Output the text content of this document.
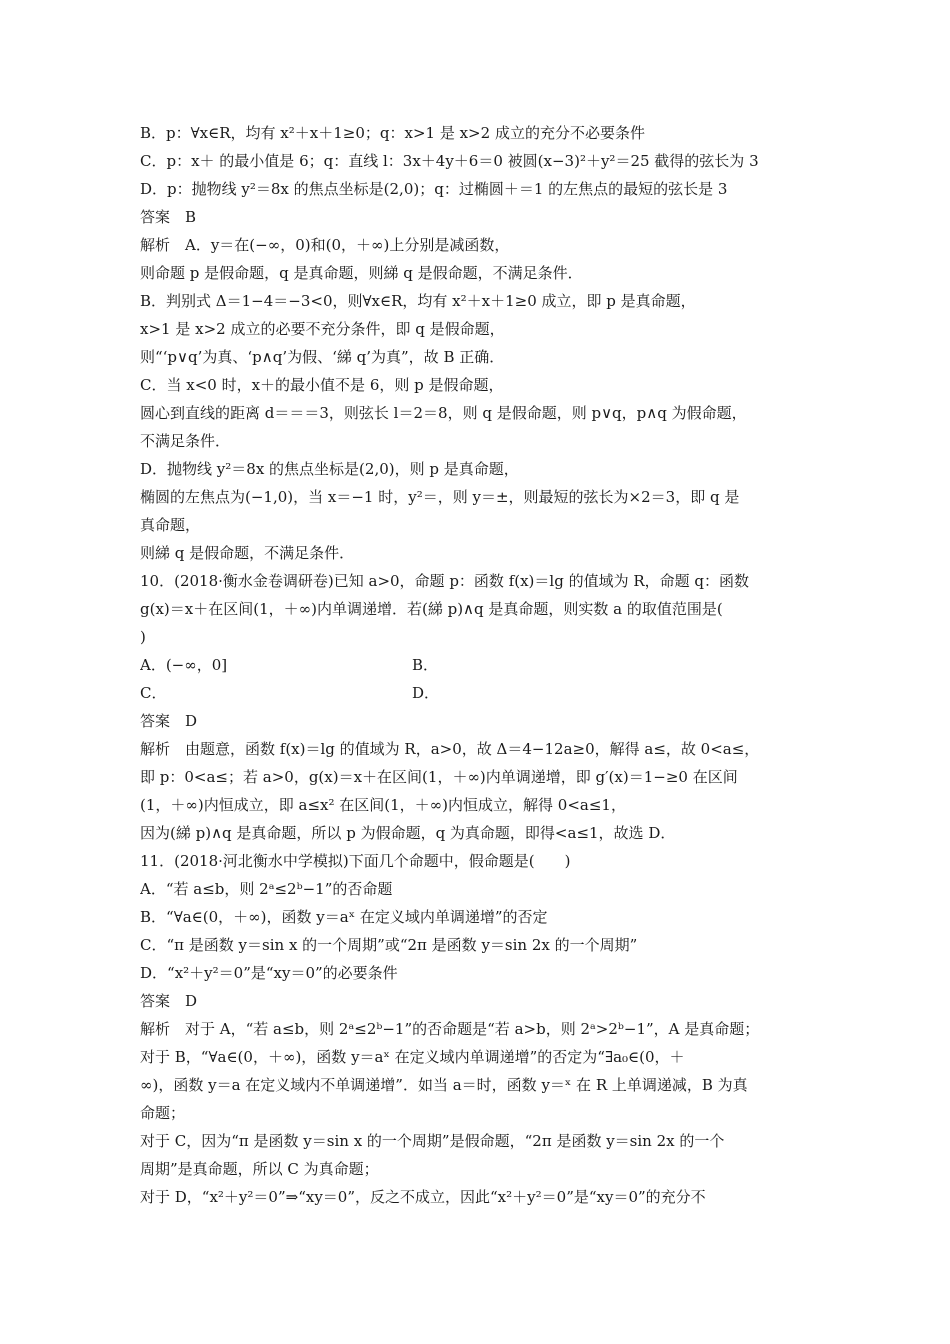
B．p：∀x∈R，均有 x²＋x＋1≥0；q：x>1 是 x>2 成立的充分不必要条件
C．p：x＋ 的最小值是 6；q：直线 l：3x＋4y＋6＝0 被圆(x−3)²＋y²＝25 截得的弦长为 3
D．p：抛物线 y²＝8x 的焦点坐标是(2,0)；q：过椭圆＋＝1 的左焦点的最短的弦长是 3
答案　B
解析　A．y＝在(−∞，0)和(0，＋∞)上分别是减函数，
则命题 p 是假命题，q 是真命题，则綈 q 是假命题，不满足条件．
B．判别式 Δ＝1−4＝−3<0，则∀x∈R，均有 x²＋x＋1≥0 成立，即 p 是真命题，
x>1 是 x>2 成立的必要不充分条件，即 q 是假命题，
则“‘p∨q’为真、‘p∧q’为假、‘綈 q’为真”，故 B 正确．
C．当 x<0 时，x＋的最小值不是 6，则 p 是假命题，
圆心到直线的距离 d＝＝＝3，则弦长 l＝2＝8，则 q 是假命题，则 p∨q，p∧q 为假命题，
不满足条件．
D．抛物线 y²＝8x 的焦点坐标是(2,0)，则 p 是真命题，
椭圆的左焦点为(−1,0)，当 x＝−1 时，y²＝，则 y＝±，则最短的弦长为×2＝3，即 q 是
真命题，
则綈 q 是假命题，不满足条件．
10．(2018·衡水金卷调研卷)已知 a>0，命题 p：函数 f(x)＝lg 的值域为 R，命题 q：函数
g(x)＝x＋在区间(1，＋∞)内单调递增．若(綈 p)∧q 是真命题，则实数 a 的取值范围是(
)
A．(−∞，0]	B．
C．	D．
答案　D
解析　由题意，函数 f(x)＝lg 的值域为 R，a>0，故 Δ＝4−12a≥0，解得 a≤，故 0<a≤，
即 p：0<a≤；若 a>0，g(x)＝x＋在区间(1，＋∞)内单调递增，即 g′(x)＝1−≥0 在区间
(1，＋∞)内恒成立，即 a≤x² 在区间(1，＋∞)内恒成立，解得 0<a≤1，
因为(綈 p)∧q 是真命题，所以 p 为假命题，q 为真命题，即得<a≤1，故选 D．
11．(2018·河北衡水中学模拟)下面几个命题中，假命题是(　　)
A．“若 a≤b，则 2ᵃ≤2ᵇ−1”的否命题
B．“∀a∈(0，＋∞)，函数 y＝aˣ 在定义域内单调递增”的否定
C．“π 是函数 y＝sin x 的一个周期”或“2π 是函数 y＝sin 2x 的一个周期”
D．“x²＋y²＝0”是“xy＝0”的必要条件
答案　D
解析　对于 A，“若 a≤b，则 2ᵃ≤2ᵇ−1”的否命题是“若 a>b，则 2ᵃ>2ᵇ−1”，A 是真命题；
对于 B，“∀a∈(0，＋∞)，函数 y＝aˣ 在定义域内单调递增”的否定为“∃a₀∈(0，＋
∞)，函数 y＝a 在定义域内不单调递增”．如当 a＝时，函数 y＝ˣ 在 R 上单调递减，B 为真
命题；
对于 C，因为“π 是函数 y＝sin x 的一个周期”是假命题，“2π 是函数 y＝sin 2x 的一个
周期”是真命题，所以 C 为真命题；
对于 D，“x²＋y²＝0”⇒“xy＝0”，反之不成立，因此“x²＋y²＝0”是“xy＝0”的充分不
